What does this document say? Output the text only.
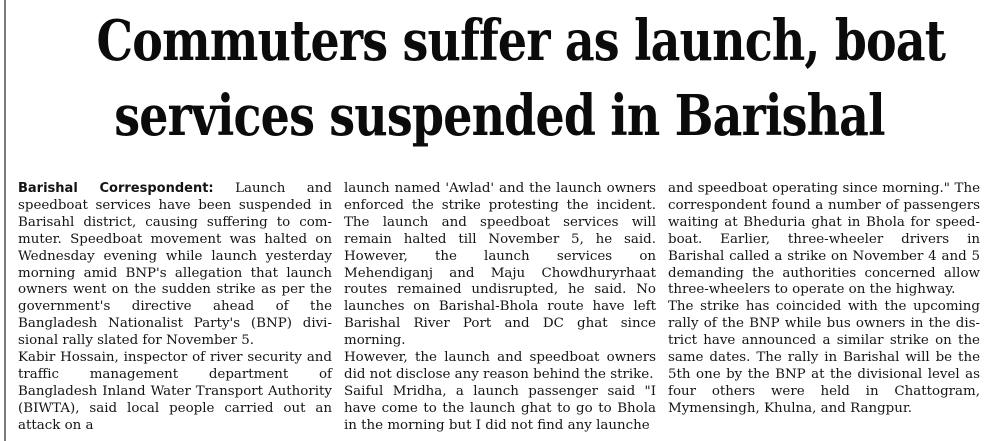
Commuters suffer as launch, boat
services suspended in Barishal

Barishal Correspondent: Launch and speedboat services have been suspended in Barisahl district, causing suffering to commuter. Speedboat movement was halted on Wednesday evening while launch yesterday morning amid BNP's allegation that launch owners went on the sudden strike as per the government's directive ahead of the Bangladesh Nationalist Party's (BNP) divisional rally slated for November 5.

Kabir Hossain, inspector of river security and traffic management department of Bangladesh Inland Water Transport Authority (BIWTA), said local people carried out an attack on a

launch named 'Awlad' and the launch owners enforced the strike protesting the incident. The launch and speedboat services will remain halted till November 5, he said. However, the launch services on Mehendiganj and Maju Chowdhuryrhaat routes remained undisrupted, he said. No launches on Barishal-Bhola route have left Barishal River Port and DC ghat since morning.

However, the launch and speedboat owners did not disclose any reason behind the strike.

Saiful Mridha, a launch passenger said "I have come to the launch ghat to go to Bhola in the morning but I did not find any launche

and speedboat operating since morning." The correspondent found a number of passengers waiting at Bheduria ghat in Bhola for speedboat. Earlier, three-wheeler drivers in Barishal called a strike on November 4 and 5 demanding the authorities concerned allow three-wheelers to operate on the highway.

The strike has coincided with the upcoming rally of the BNP while bus owners in the district have announced a similar strike on the same dates. The rally in Barishal will be the 5th one by the BNP at the divisional level as four others were held in Chattogram, Mymensingh, Khulna, and Rangpur.
